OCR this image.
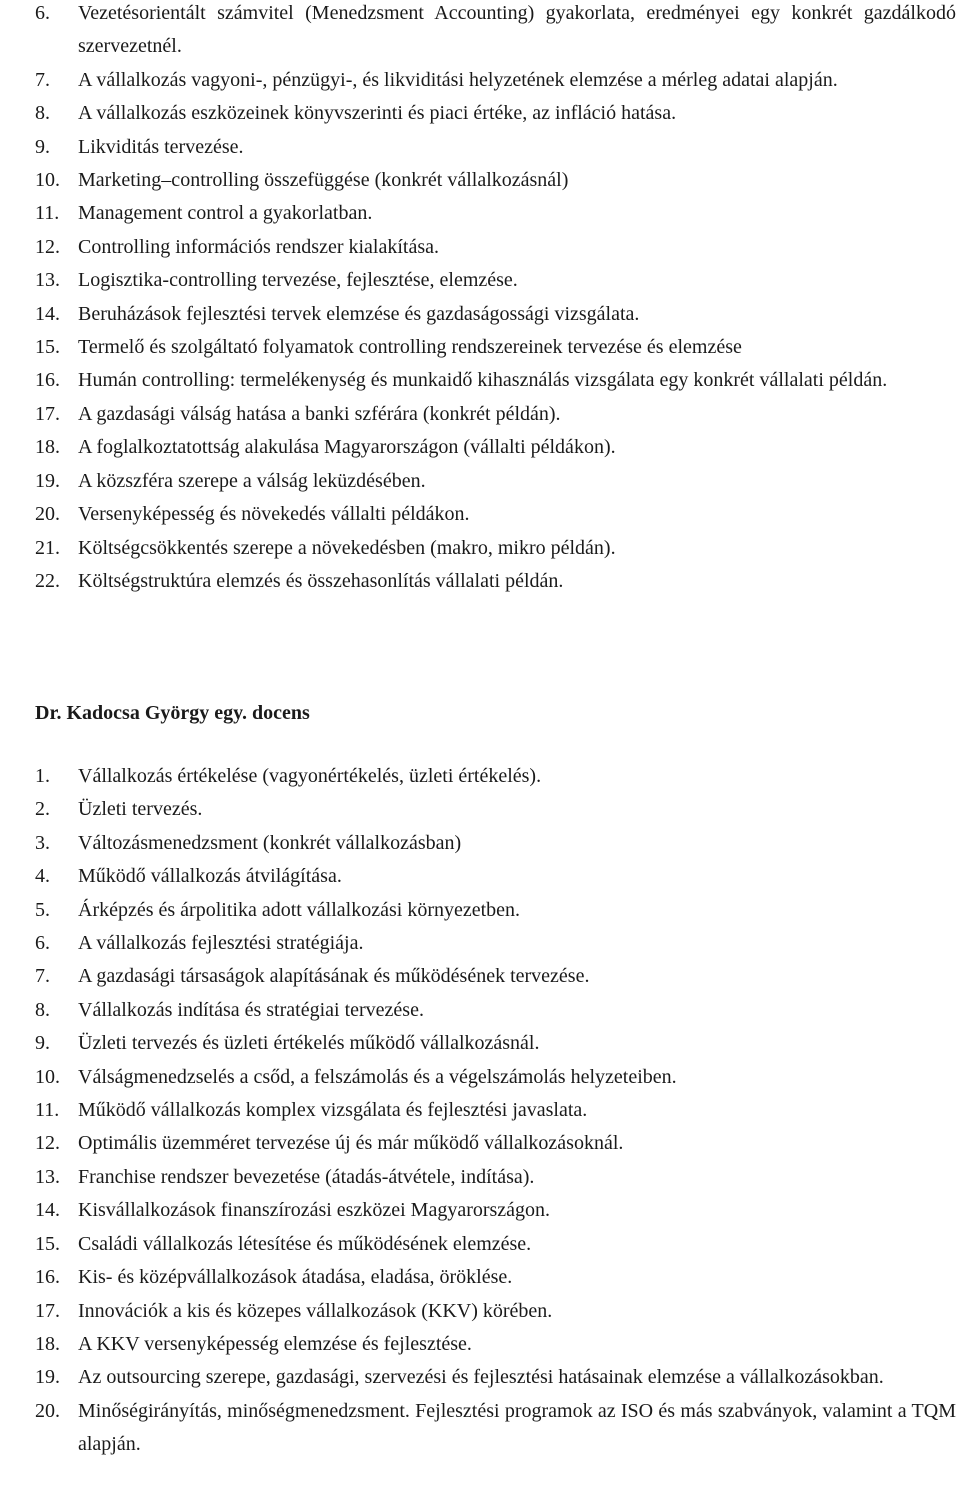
6. Vezetésorientált számvitel (Menedzsment Accounting) gyakorlata, eredményei egy konkrét gazdálkodó szervezetnél.
7. A vállalkozás vagyoni-, pénzügyi-, és likviditási helyzetének elemzése a mérleg adatai alapján.
8. A vállalkozás eszközeinek könyvszerinti és piaci értéke, az infláció hatása.
9. Likviditás tervezése.
10. Marketing–controlling összefüggése (konkrét vállalkozásnál)
11. Management control a gyakorlatban.
12. Controlling információs rendszer kialakítása.
13. Logisztika-controlling tervezése, fejlesztése, elemzése.
14. Beruházások fejlesztési tervek elemzése és gazdaságossági vizsgálata.
15. Termelő és szolgáltató folyamatok controlling rendszereinek tervezése és elemzése
16. Humán controlling: termelékenység és munkaidő kihasználás vizsgálata egy konkrét vállalati példán.
17. A gazdasági válság hatása a banki szférára (konkrét példán).
18. A foglalkoztatottság alakulása Magyarországon (vállalti példákon).
19. A közszféra szerepe a válság leküzdésében.
20. Versenyképesség és növekedés vállalti példákon.
21. Költségcsökkentés szerepe a növekedésben (makro, mikro példán).
22. Költségstruktúra elemzés és összehasonlítás vállalati példán.
Dr. Kadocsa György egy. docens
1. Vállalkozás értékelése (vagyonértékelés, üzleti értékelés).
2. Üzleti tervezés.
3. Változásmenedzsment (konkrét vállalkozásban)
4. Működő vállalkozás átvilágítása.
5. Árképzés és árpolitika adott vállalkozási környezetben.
6. A vállalkozás fejlesztési stratégiája.
7. A gazdasági társaságok alapításának és működésének tervezése.
8. Vállalkozás indítása és stratégiai tervezése.
9. Üzleti tervezés és üzleti értékelés működő vállalkozásnál.
10. Válságmenedzselés a csőd, a felszámolás és a végelszámolás helyzeteiben.
11. Működő vállalkozás komplex vizsgálata és fejlesztési javaslata.
12. Optimális üzemméret tervezése új és már működő vállalkozásoknál.
13. Franchise rendszer bevezetése (átadás-átvétele, indítása).
14. Kisvállalkozások finanszírozási eszközei Magyarországon.
15. Családi vállalkozás létesítése és működésének elemzése.
16. Kis- és középvállalkozások átadása, eladása, öröklése.
17. Innovációk a kis és közepes vállalkozások (KKV) körében.
18. A KKV versenyképesség elemzése és fejlesztése.
19. Az outsourcing szerepe, gazdasági, szervezési és fejlesztési hatásainak elemzése a vállalkozásokban.
20. Minőségirányítás, minőségmenedzsment. Fejlesztési programok az ISO és más szabványok, valamint a TQM alapján.
